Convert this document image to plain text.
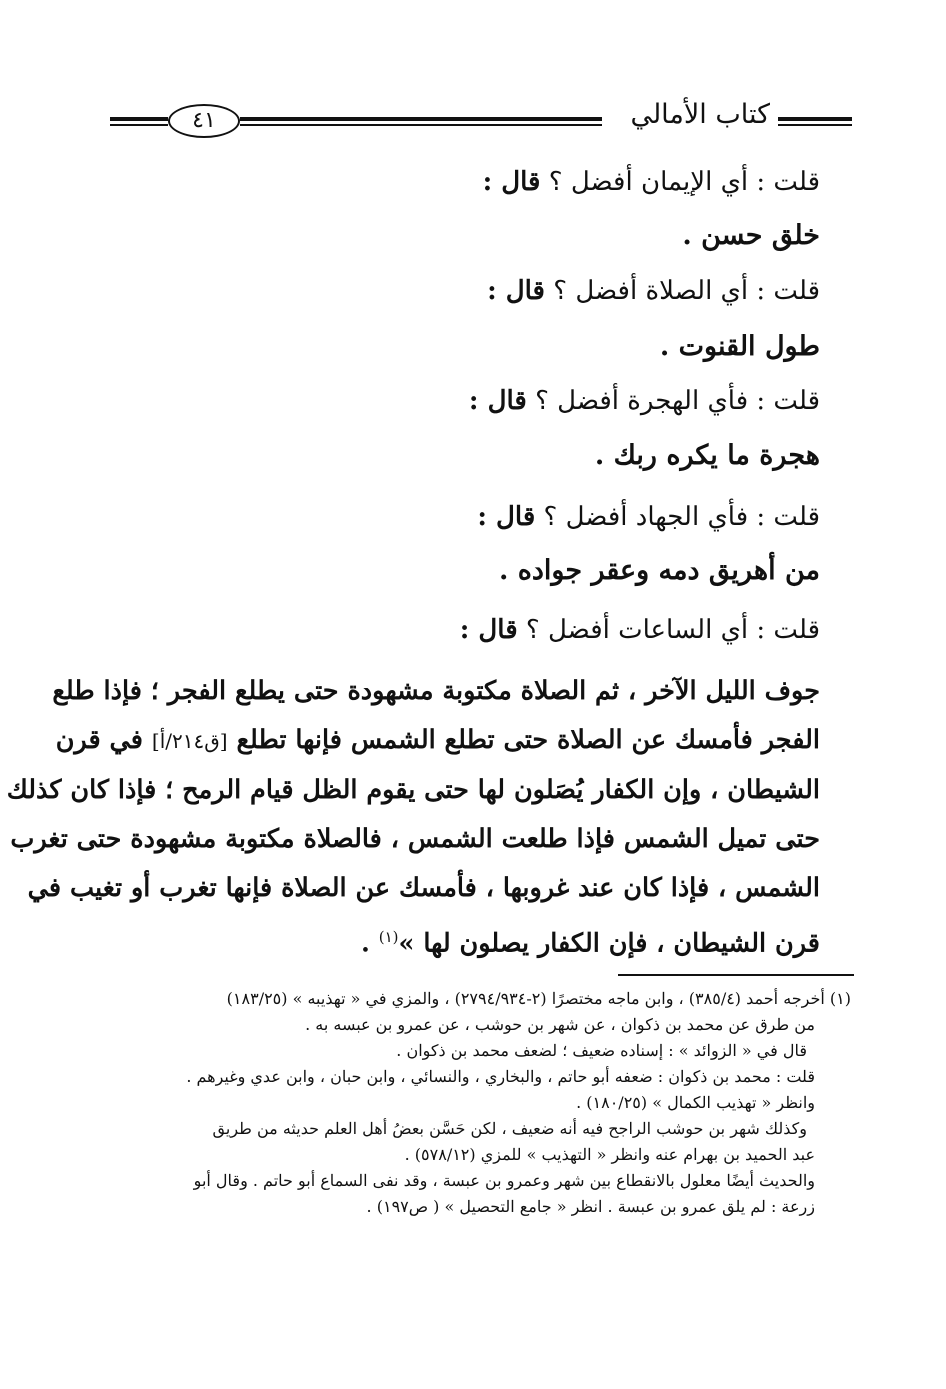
كتاب الأمالي
٤١
قلت : أي الإيمان أفضل ؟ قال :
خلق حسن .
قلت : أي الصلاة أفضل ؟ قال :
طول القنوت .
قلت : فأي الهجرة أفضل ؟ قال :
هجرة ما يكره ربك .
قلت : فأي الجهاد أفضل ؟ قال :
من أهريق دمه وعقر جواده .
قلت : أي الساعات أفضل ؟ قال :
جوف الليل الآخر ، ثم الصلاة مكتوبة مشهودة حتى يطلع الفجر ؛ فإذا طلع
الفجر فأمسك عن الصلاة حتى تطلع الشمس فإنها تطلع [ق٢١٤/أ] في قرن
الشيطان ، وإن الكفار يُصَلون لها حتى يقوم الظل قيام الرمح ؛ فإذا كان كذلك
حتى تميل الشمس فإذا طلعت الشمس ، فالصلاة مكتوبة مشهودة حتى تغرب
الشمس ، فإذا كان عند غروبها ، فأمسك عن الصلاة فإنها تغرب أو تغيب في
قرن الشيطان ، فإن الكفار يصلون لها »$^{(١)}$ .
(١) أخرجه أحمد (٣٨٥/٤) ، وابن ماجه مختصرًا (٢-٢٧٩٤/٩٣٤) ، والمزي في « تهذيبه » (١٨٣/٢٥)
من طرق عن محمد بن ذكوان ، عن شهر بن حوشب ، عن عمرو بن عبسه به .
قال في « الزوائد » : إسناده ضعيف ؛ لضعف محمد بن ذكوان .
قلت : محمد بن ذكوان : ضعفه أبو حاتم ، والبخاري ، والنسائي ، وابن حبان ، وابن عدي وغيرهم .
وانظر « تهذيب الكمال » (١٨٠/٢٥) .
وكذلك شهر بن حوشب الراجح فيه أنه ضعيف ، لكن حَسَّن بعضُ أهل العلم حديثه من طريق
عبد الحميد بن بهرام عنه وانظر « التهذيب » للمزي (٥٧٨/١٢) .
والحديث أيضًا معلول بالانقطاع بين شهر وعمرو بن عبسة ، وقد نفى السماع أبو حاتم . وقال أبو
زرعة : لم يلق عمرو بن عبسة . انظر « جامع التحصيل » ( ص١٩٧) .
